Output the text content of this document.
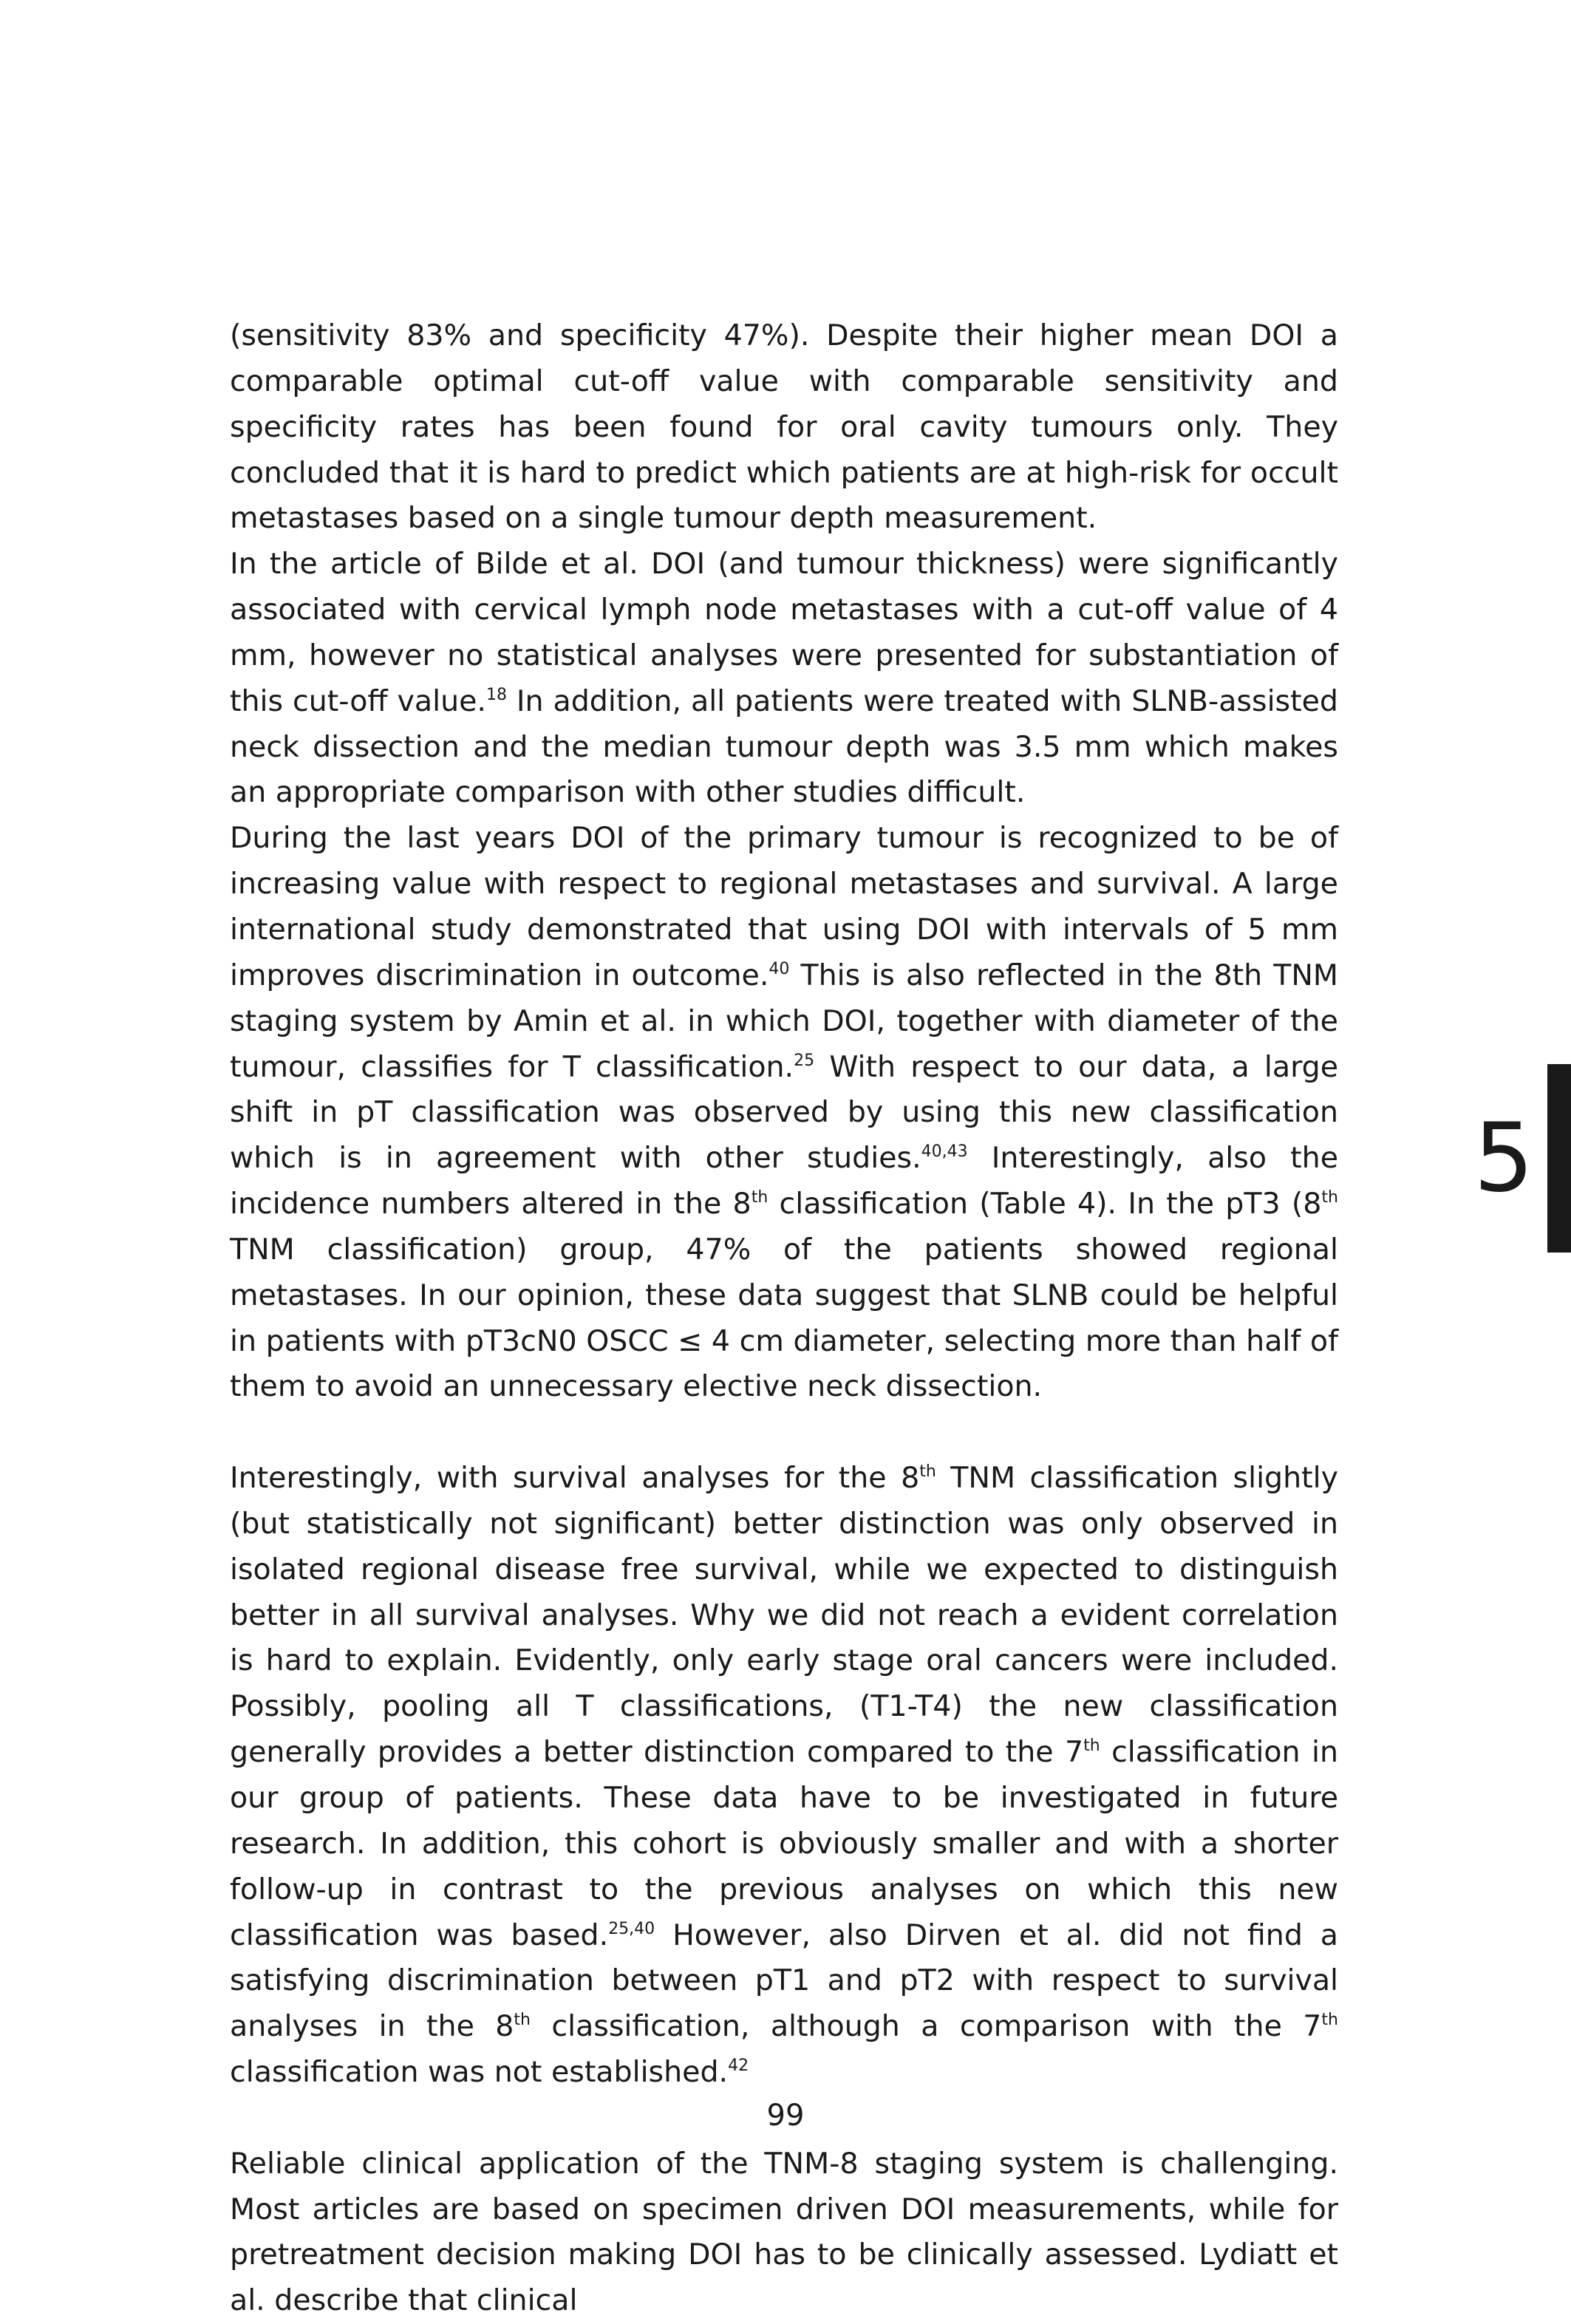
(sensitivity 83% and specificity 47%). Despite their higher mean DOI a comparable optimal cut-off value with comparable sensitivity and specificity rates has been found for oral cavity tumours only. They concluded that it is hard to predict which patients are at high-risk for occult metastases based on a single tumour depth measurement.
In the article of Bilde et al. DOI (and tumour thickness) were significantly associated with cervical lymph node metastases with a cut-off value of 4 mm, however no statistical analyses were presented for substantiation of this cut-off value.$^{18}$ In addition, all patients were treated with SLNB-assisted neck dissection and the median tumour depth was 3.5 mm which makes an appropriate comparison with other studies difficult.
During the last years DOI of the primary tumour is recognized to be of increasing value with respect to regional metastases and survival. A large international study demonstrated that using DOI with intervals of 5 mm improves discrimination in outcome.$^{40}$ This is also reflected in the 8th TNM staging system by Amin et al. in which DOI, together with diameter of the tumour, classifies for T classification.$^{25}$ With respect to our data, a large shift in pT classification was observed by using this new classification which is in agreement with other studies.$^{40,43}$ Interestingly, also the incidence numbers altered in the 8th classification (Table 4). In the pT3 (8th TNM classification) group, 47% of the patients showed regional metastases. In our opinion, these data suggest that SLNB could be helpful in patients with pT3cN0 OSCC ≤ 4 cm diameter, selecting more than half of them to avoid an unnecessary elective neck dissection.

Interestingly, with survival analyses for the 8th TNM classification slightly (but statistically not significant) better distinction was only observed in isolated regional disease free survival, while we expected to distinguish better in all survival analyses. Why we did not reach a evident correlation is hard to explain. Evidently, only early stage oral cancers were included. Possibly, pooling all T classifications, (T1-T4) the new classification generally provides a better distinction compared to the 7th classification in our group of patients. These data have to be investigated in future research. In addition, this cohort is obviously smaller and with a shorter follow-up in contrast to the previous analyses on which this new classification was based.$^{25,40}$ However, also Dirven et al. did not find a satisfying discrimination between pT1 and pT2 with respect to survival analyses in the 8th classification, although a comparison with the 7th classification was not established.$^{42}$

Reliable clinical application of the TNM-8 staging system is challenging. Most articles are based on specimen driven DOI measurements, while for pretreatment decision making DOI has to be clinically assessed. Lydiatt et al. describe that clinical

5
99
